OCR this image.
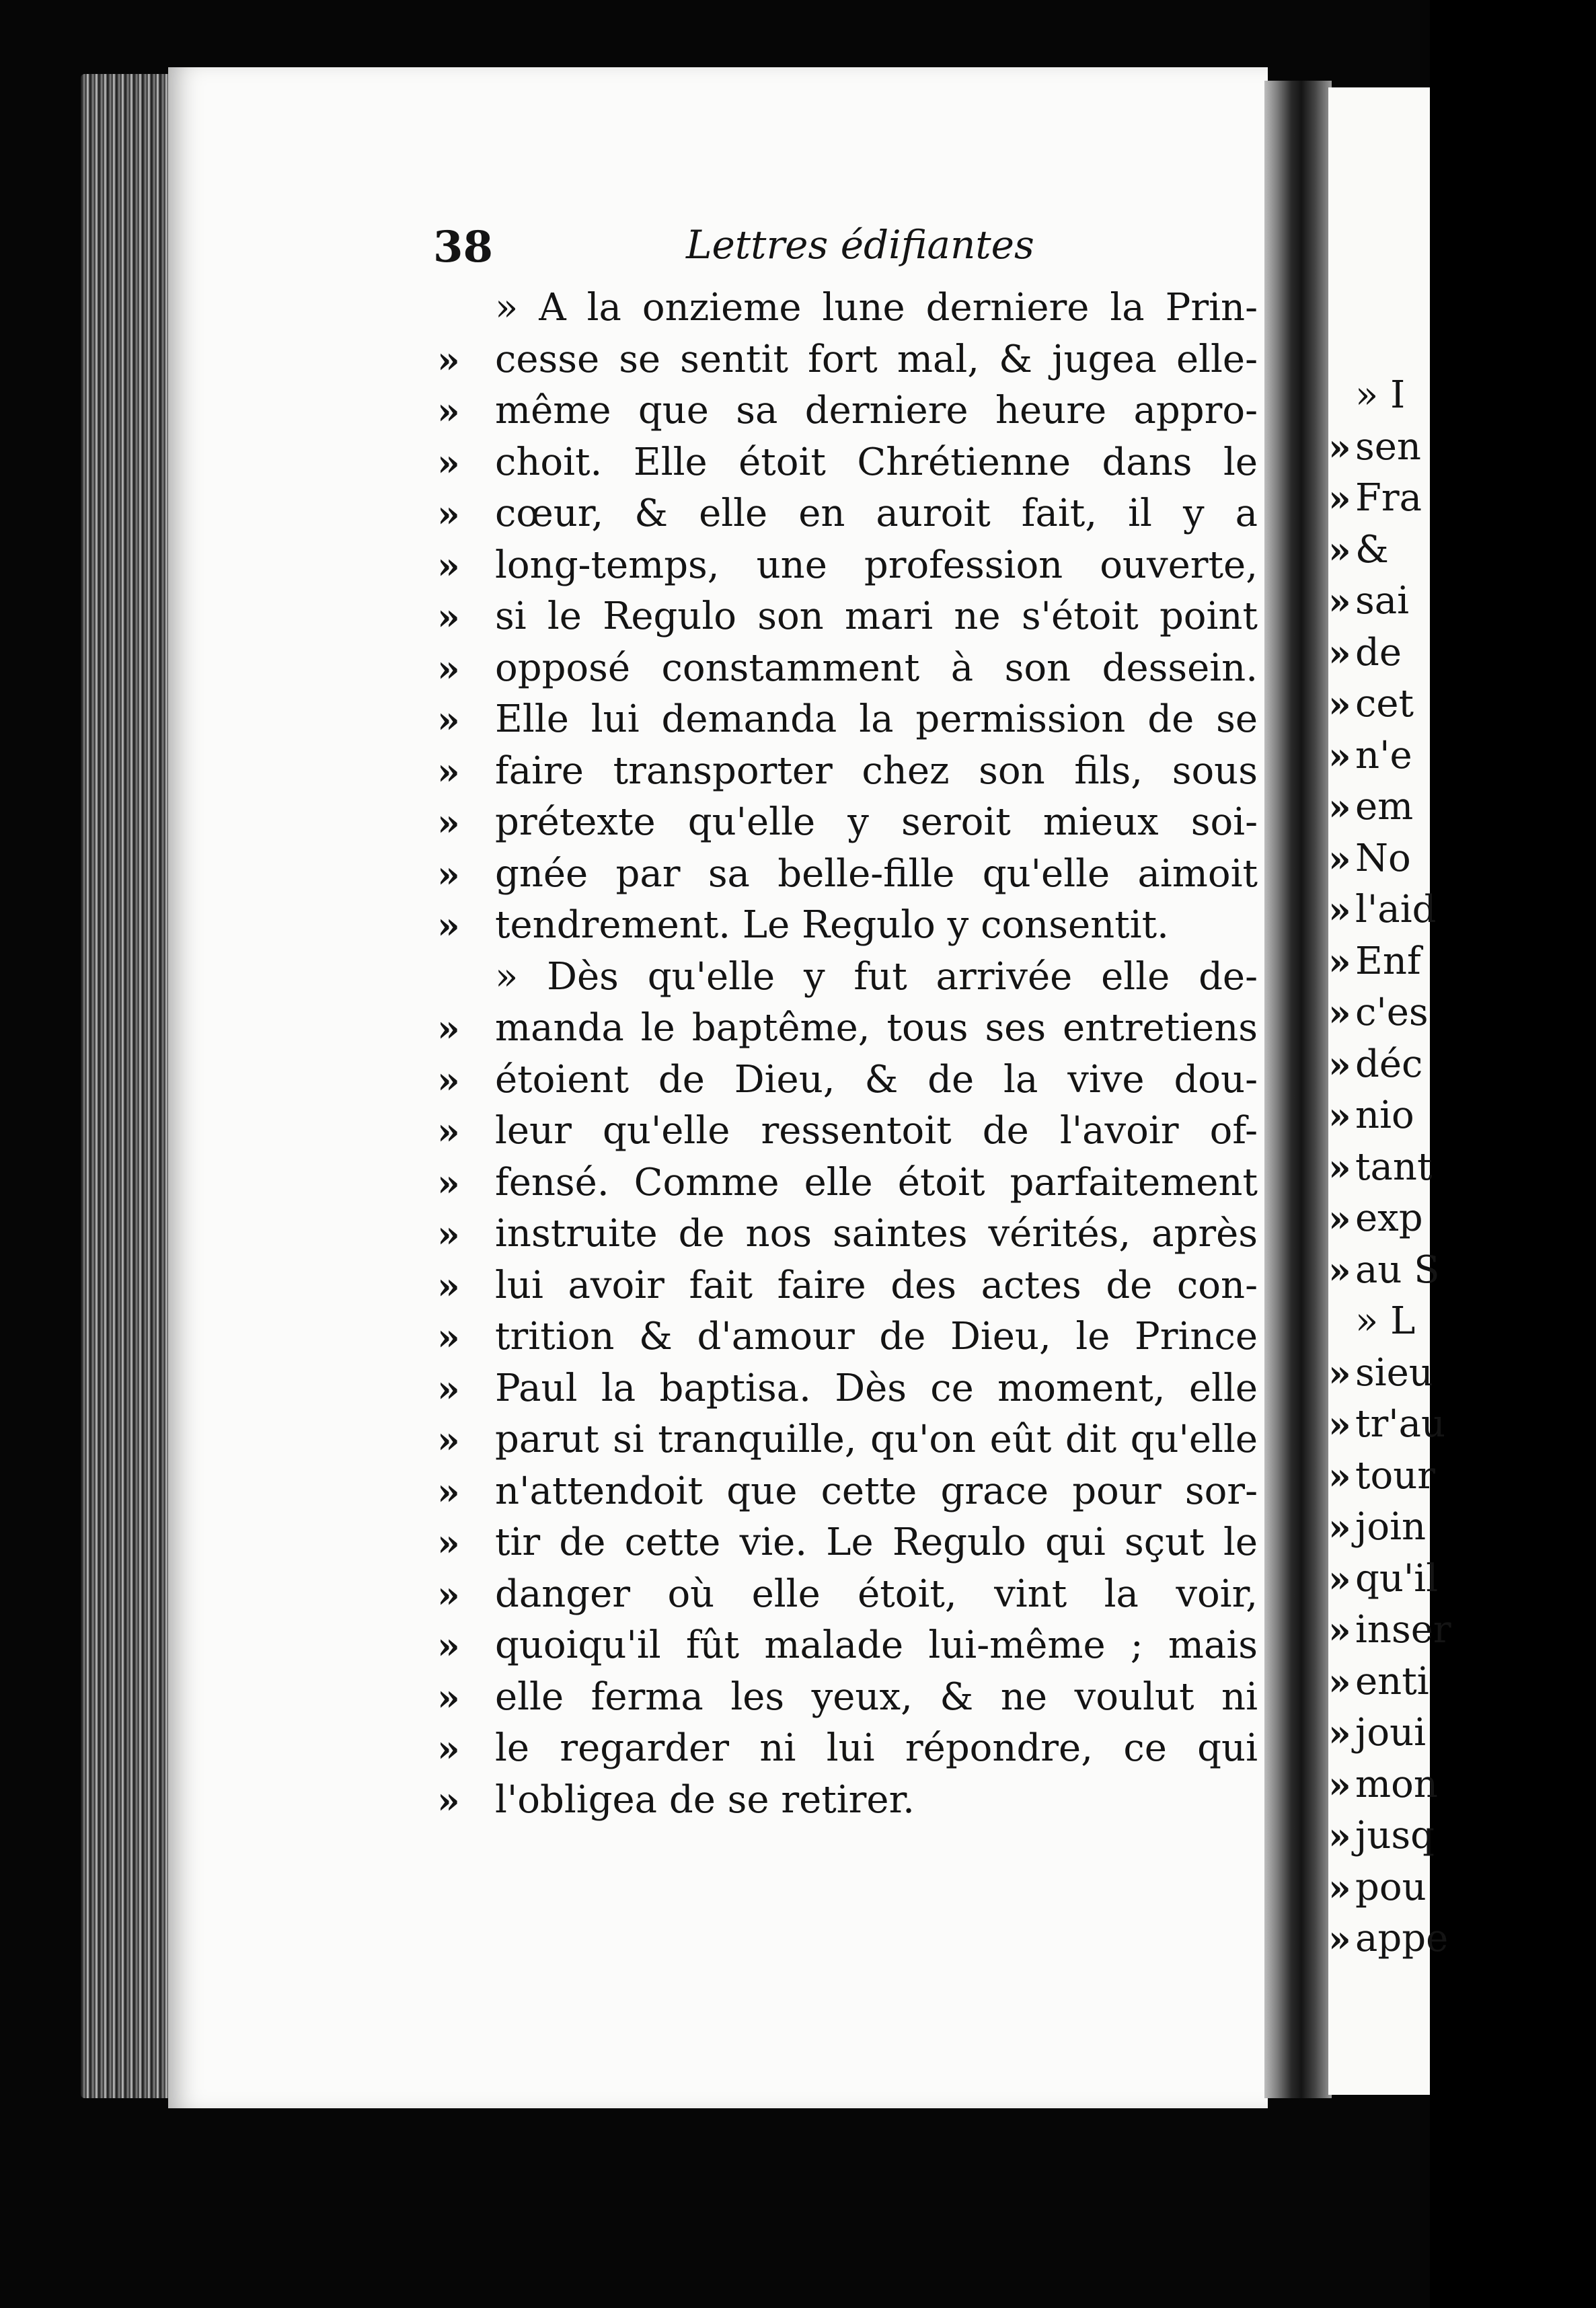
» I
» sen
» Fra
» &
» sai
» de
» cet
» n'e
» em
» No
» l'aid
» Enf
» c'es
» déc
» nio
» tant
» exp
» au S
» L
» sieu
» tr'au
» tour
» join
» qu'il
» inser
» enti
» joui
» mon
» jusq
» pou
» appe
38	Lettres édifiantes
» A la onzieme lune derniere la Prin-
» cesse se sentit fort mal, & jugea elle-
» même que sa derniere heure appro-
» choit. Elle étoit Chrétienne dans le
» cœur, & elle en auroit fait, il y a
» long-temps, une profession ouverte,
» si le Regulo son mari ne s'étoit point
» opposé constamment à son dessein.
» Elle lui demanda la permission de se
» faire transporter chez son fils, sous
» prétexte qu'elle y seroit mieux soi-
» gnée par sa belle-fille qu'elle aimoit
» tendrement. Le Regulo y consentit.
» Dès qu'elle y fut arrivée elle de-
» manda le baptême, tous ses entretiens
» étoient de Dieu, & de la vive dou-
» leur qu'elle ressentoit de l'avoir of-
» fensé. Comme elle étoit parfaitement
» instruite de nos saintes vérités, après
» lui avoir fait faire des actes de con-
» trition & d'amour de Dieu, le Prince
» Paul la baptisa. Dès ce moment, elle
» parut si tranquille, qu'on eût dit qu'elle
» n'attendoit que cette grace pour sor-
» tir de cette vie. Le Regulo qui sçut le
» danger où elle étoit, vint la voir,
» quoiqu'il fût malade lui-même ; mais
» elle ferma les yeux, & ne voulut ni
» le regarder ni lui répondre, ce qui
» l'obligea de se retirer.
